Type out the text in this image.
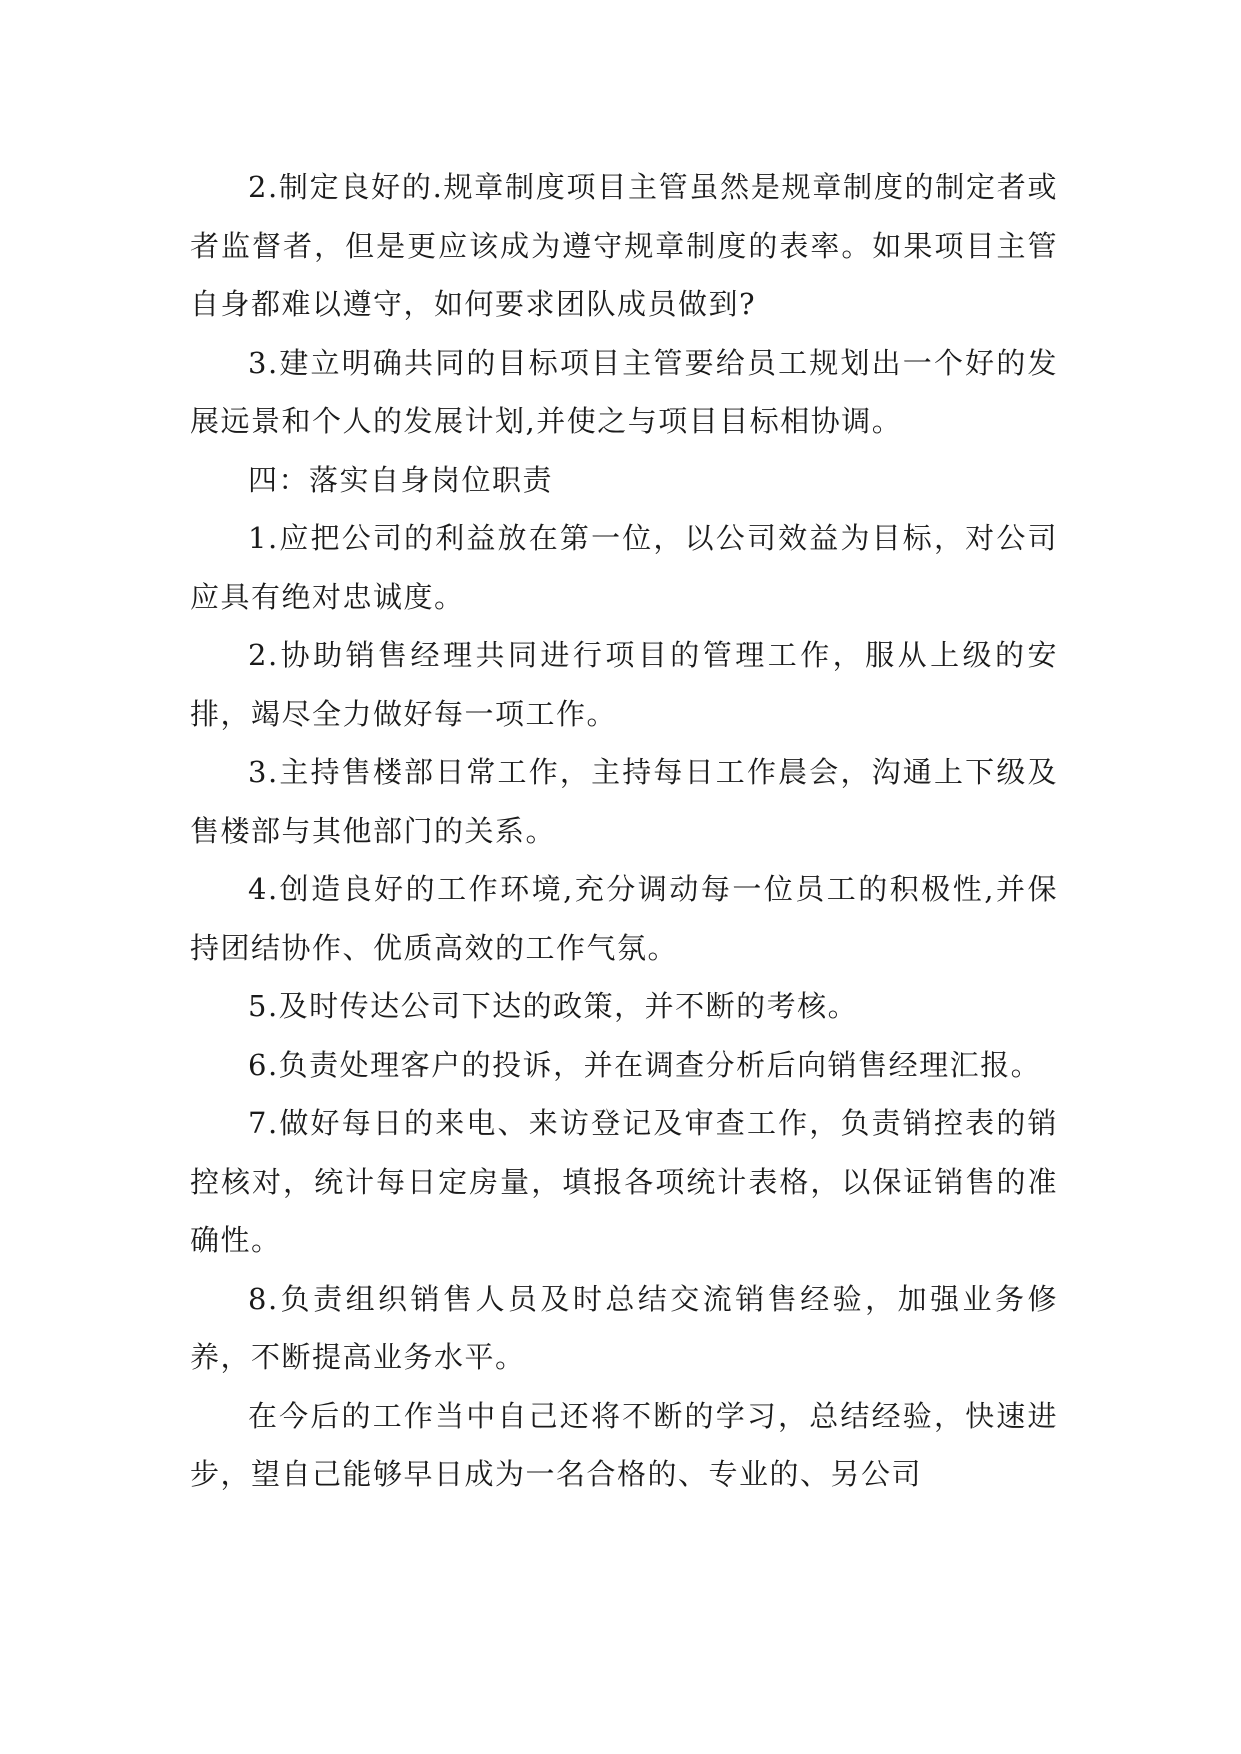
2.制定良好的.规章制度项目主管虽然是规章制度的制定者或者监督者，但是更应该成为遵守规章制度的表率。如果项目主管自身都难以遵守，如何要求团队成员做到?

3.建立明确共同的目标项目主管要给员工规划出一个好的发展远景和个人的发展计划,并使之与项目目标相协调。

四：落实自身岗位职责

1.应把公司的利益放在第一位，以公司效益为目标，对公司应具有绝对忠诚度。

2.协助销售经理共同进行项目的管理工作，服从上级的安排，竭尽全力做好每一项工作。

3.主持售楼部日常工作，主持每日工作晨会，沟通上下级及售楼部与其他部门的关系。

4.创造良好的工作环境,充分调动每一位员工的积极性,并保持团结协作、优质高效的工作气氛。

5.及时传达公司下达的政策，并不断的考核。

6.负责处理客户的投诉，并在调查分析后向销售经理汇报。

7.做好每日的来电、来访登记及审查工作，负责销控表的销控核对，统计每日定房量，填报各项统计表格，以保证销售的准确性。

8.负责组织销售人员及时总结交流销售经验，加强业务修养，不断提高业务水平。

在今后的工作当中自己还将不断的学习，总结经验，快速进步，望自己能够早日成为一名合格的、专业的、另公司
